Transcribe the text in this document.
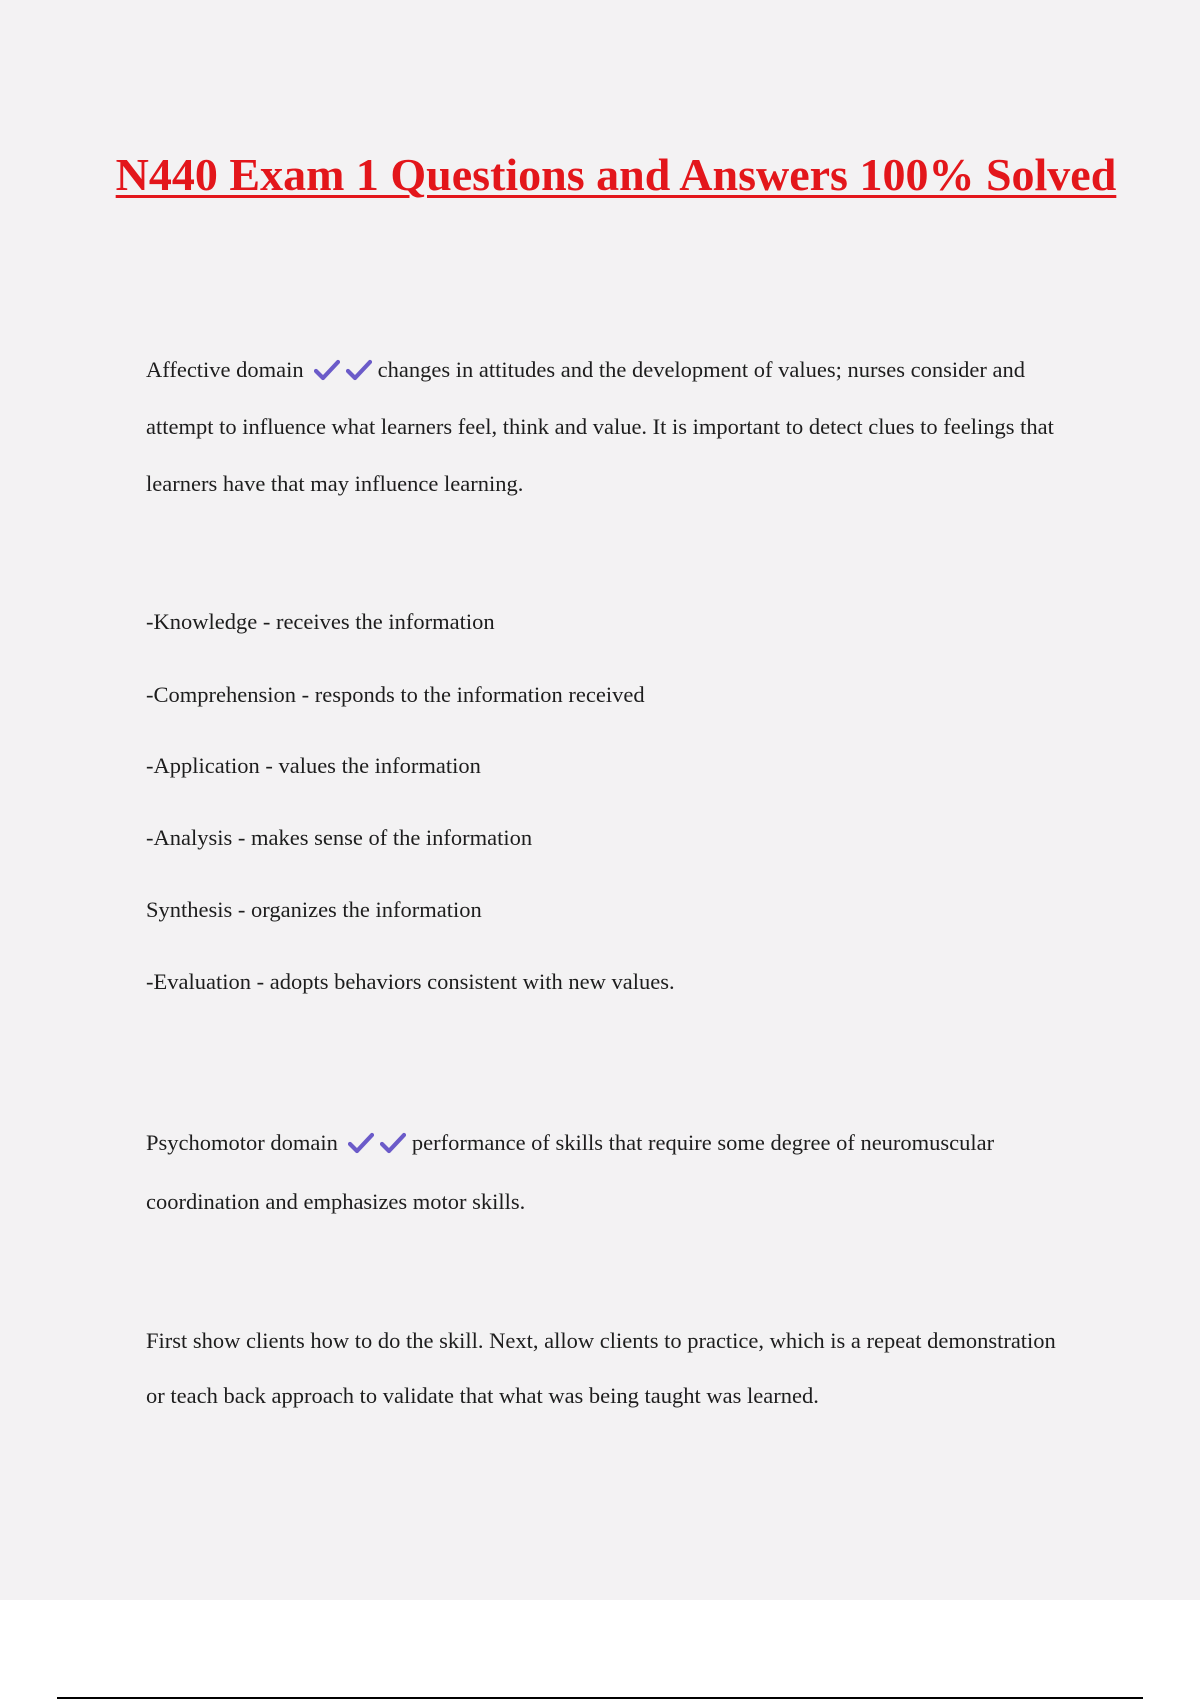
N440 Exam 1 Questions and Answers 100% Solved

Affective domain	changes in attitudes and the development of values; nurses consider and attempt to influence what learners feel, think and value. It is important to detect clues to feelings that learners have that may influence learning.

-Knowledge - receives the information

-Comprehension - responds to the information received

-Application - values the information

-Analysis - makes sense of the information

Synthesis - organizes the information

-Evaluation - adopts behaviors consistent with new values.

Psychomotor domain	performance of skills that require some degree of neuromuscular coordination and emphasizes motor skills.

First show clients how to do the skill. Next, allow clients to practice, which is a repeat demonstration or teach back approach to validate that what was being taught was learned.
